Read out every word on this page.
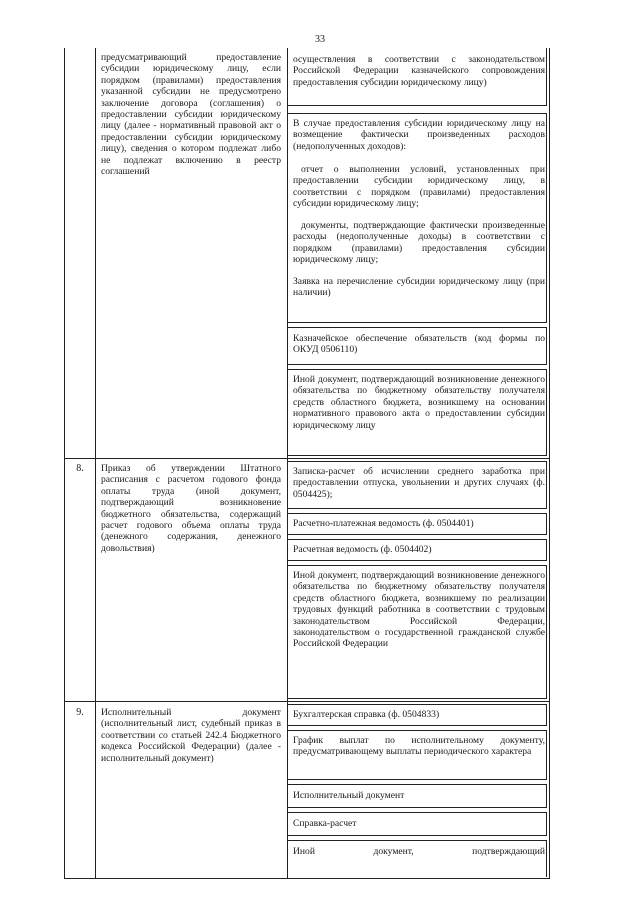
33
предусматривающий предоставление субсидии юридическому лицу, если порядком (правилами) предоставления указанной субсидии не предусмотрено заключение договора (соглашения) о предоставлении субсидии юридическому лицу (далее - нормативный правовой акт о предоставлении субсидии юридическому лицу), сведения о котором подлежат либо не подлежат включению в реестр соглашений
осуществления в соответствии с законодательством Российской Федерации казначейского сопровождения предоставления субсидии юридическому лицу)
В случае предоставления субсидии юридическому лицу на возмещение фактически произведенных расходов (недополученных доходов):
отчет о выполнении условий, установленных при предоставлении субсидии юридическому лицу, в соответствии с порядком (правилами) предоставления субсидии юридическому лицу;
документы, подтверждающие фактически произведенные расходы (недополученные доходы) в соответствии с порядком (правилами) предоставления субсидии юридическому лицу;
Заявка на перечисление субсидии юридическому лицу (при наличии)
Казначейское обеспечение обязательств (код формы по ОКУД 0506110)
Иной документ, подтверждающий возникновение денежного обязательства по бюджетному обязательству получателя средств областного бюджета, возникшему на основании нормативного правового акта о предоставлении субсидии юридическому лицу
8.	Приказ об утверждении Штатного расписания с расчетом годового фонда оплаты труда (иной документ, подтверждающий возникновение бюджетного обязательства, содержащий расчет годового объема оплаты труда (денежного содержания, денежного довольствия)
Записка-расчет об исчислении среднего заработка при предоставлении отпуска, увольнении и других случаях (ф. 0504425);
Расчетно-платежная ведомость (ф. 0504401)
Расчетная ведомость (ф. 0504402)
Иной документ, подтверждающий возникновение денежного обязательства по бюджетному обязательству получателя средств областного бюджета, возникшему по реализации трудовых функций работника в соответствии с трудовым законодательством Российской Федерации, законодательством о государственной гражданской службе Российской Федерации
9.	Исполнительный документ (исполнительный лист, судебный приказ в соответствии со статьей 242.4 Бюджетного кодекса Российской Федерации) (далее - исполнительный документ)
Бухгалтерская справка (ф. 0504833)
График выплат по исполнительному документу, предусматривающему выплаты периодического характера
Исполнительный документ
Справка-расчет
Иной документ, подтверждающий
